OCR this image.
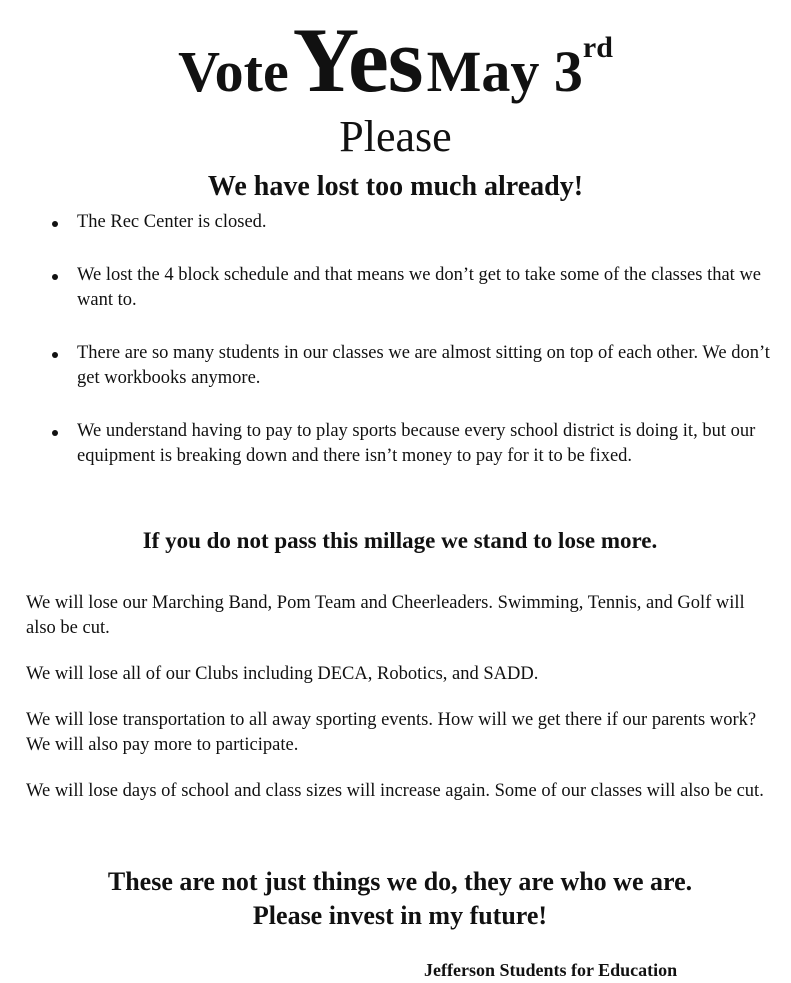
Vote Yes May 3rd
Please
We have lost too much already!
The Rec Center is closed.
We lost the 4 block schedule and that means we don’t get to take some of the classes that we want to.
There are so many students in our classes we are almost sitting on top of each other. We don’t get workbooks anymore.
We understand having to pay to play sports because every school district is doing it, but our equipment is breaking down and there isn’t money to pay for it to be fixed.
If you do not pass this millage we stand to lose more.

We will lose our Marching Band, Pom Team and Cheerleaders. Swimming, Tennis, and Golf will also be cut.

We will lose all of our Clubs including DECA, Robotics, and SADD.

We will lose transportation to all away sporting events. How will we get there if our parents work? We will also pay more to participate.

We will lose days of school and class sizes will increase again. Some of our classes will also be cut.

These are not just things we do, they are who we are.
Please invest in my future!
Jefferson Students for Education
